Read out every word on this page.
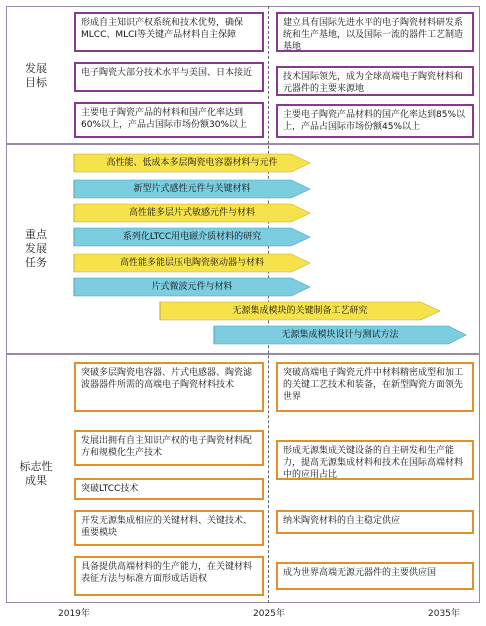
发展
目标
重点
发展
任务
标志性
成果
形成自主知识产权系统和技术优势，确保MLCC、MLCI等关键产品材料自主保障
电子陶瓷大部分技术水平与美国、日本接近
主要电子陶瓷产品的材料和国产化率达到60%以上，产品占国际市场份额30%以上
建立具有国际先进水平的电子陶瓷材料研发系统和生产基地，以及国际一流的器件工艺制造基地
技术国际领先，成为全球高端电子陶瓷材料和元器件的主要来源地
主要电子陶瓷产品材料的国产化率达到85%以上，产品占国际市场份额45%以上
高性能、低成本多层陶瓷电容器材料与元件
新型片式感性元件与关键材料
高性能多层片式敏感元件与材料
系列化LTCC用电磁介质材料的研究
高性能多能层压电陶瓷驱动器与材料
片式微波元件与材料
无源集成模块的关键制备工艺研究
无源集成模块设计与测试方法
突破多层陶瓷电容器、片式电感器、陶瓷滤波器器件所需的高端电子陶瓷材料技术
发展出拥有自主知识产权的电子陶瓷材料配方和规模化生产技术
突破LTCC技术
开发无源集成相应的关键材料、关键技术、重要模块
具备提供高端材料的生产能力，在关键材料表征方法与标准方面形成话语权
突破高端电子陶瓷元件中材料精密成型和加工的关键工艺技术和装备，在新型陶瓷方面领先世界
形成无源集成关键设备的自主研发和生产能力，提高无源集成材料和技术在国际高端材料中的应用占比
纳米陶瓷材料的自主稳定供应
成为世界高端无源元器件的主要供应国
2019年	2025年	2035年
